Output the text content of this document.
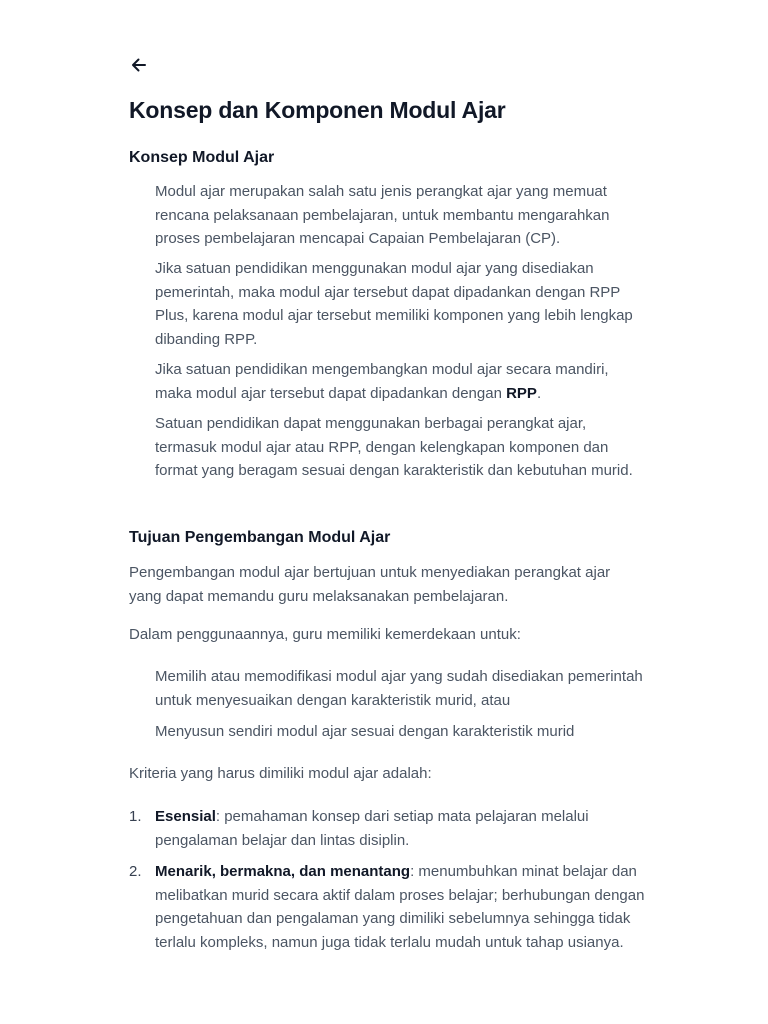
Konsep dan Komponen Modul Ajar
Konsep Modul Ajar

Modul ajar merupakan salah satu jenis perangkat ajar yang memuat rencana pelaksanaan pembelajaran, untuk membantu mengarahkan proses pembelajaran mencapai Capaian Pembelajaran (CP).

Jika satuan pendidikan menggunakan modul ajar yang disediakan pemerintah, maka modul ajar tersebut dapat dipadankan dengan RPP Plus, karena modul ajar tersebut memiliki komponen yang lebih lengkap dibanding RPP.

Jika satuan pendidikan mengembangkan modul ajar secara mandiri, maka modul ajar tersebut dapat dipadankan dengan RPP.

Satuan pendidikan dapat menggunakan berbagai perangkat ajar, termasuk modul ajar atau RPP, dengan kelengkapan komponen dan format yang beragam sesuai dengan karakteristik dan kebutuhan murid.

Tujuan Pengembangan Modul Ajar

Pengembangan modul ajar bertujuan untuk menyediakan perangkat ajar yang dapat memandu guru melaksanakan pembelajaran.

Dalam penggunaannya, guru memiliki kemerdekaan untuk:

Memilih atau memodifikasi modul ajar yang sudah disediakan pemerintah untuk menyesuaikan dengan karakteristik murid, atau

Menyusun sendiri modul ajar sesuai dengan karakteristik murid

Kriteria yang harus dimiliki modul ajar adalah:

1. Esensial: pemahaman konsep dari setiap mata pelajaran melalui pengalaman belajar dan lintas disiplin.

2. Menarik, bermakna, dan menantang: menumbuhkan minat belajar dan melibatkan murid secara aktif dalam proses belajar; berhubungan dengan pengetahuan dan pengalaman yang dimiliki sebelumnya sehingga tidak terlalu kompleks, namun juga tidak terlalu mudah untuk tahap usianya.
